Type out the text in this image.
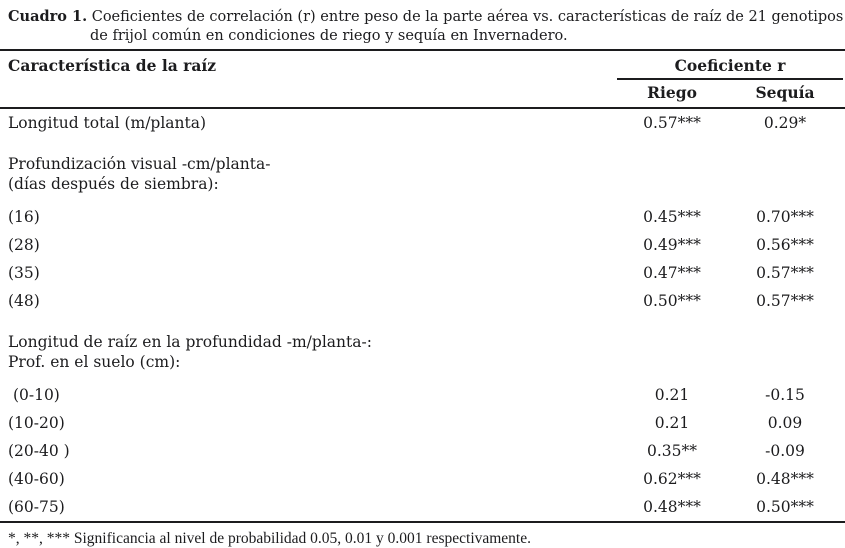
Cuadro 1. Coeficientes de correlación (r) entre peso de la parte aérea vs. características de raíz de 21 genotipos
de frijol común en condiciones de riego y sequía en Invernadero.
Característica de la raíz	Coeficiente r
Riego	Sequía
Longitud total (m/planta)	0.57***	0.29*
Profundización visual -cm/planta-
(días después de siembra):
(16)	0.45***	0.70***
(28)	0.49***	0.56***
(35)	0.47***	0.57***
(48)	0.50***	0.57***
Longitud de raíz en la profundidad -m/planta-:
Prof. en el suelo (cm):
(0-10)	0.21	-0.15
(10-20)	0.21	0.09
(20-40 )	0.35**	-0.09
(40-60)	0.62***	0.48***
(60-75)	0.48***	0.50***
*, **, *** Significancia al nivel de probabilidad 0.05, 0.01 y 0.001 respectivamente.
